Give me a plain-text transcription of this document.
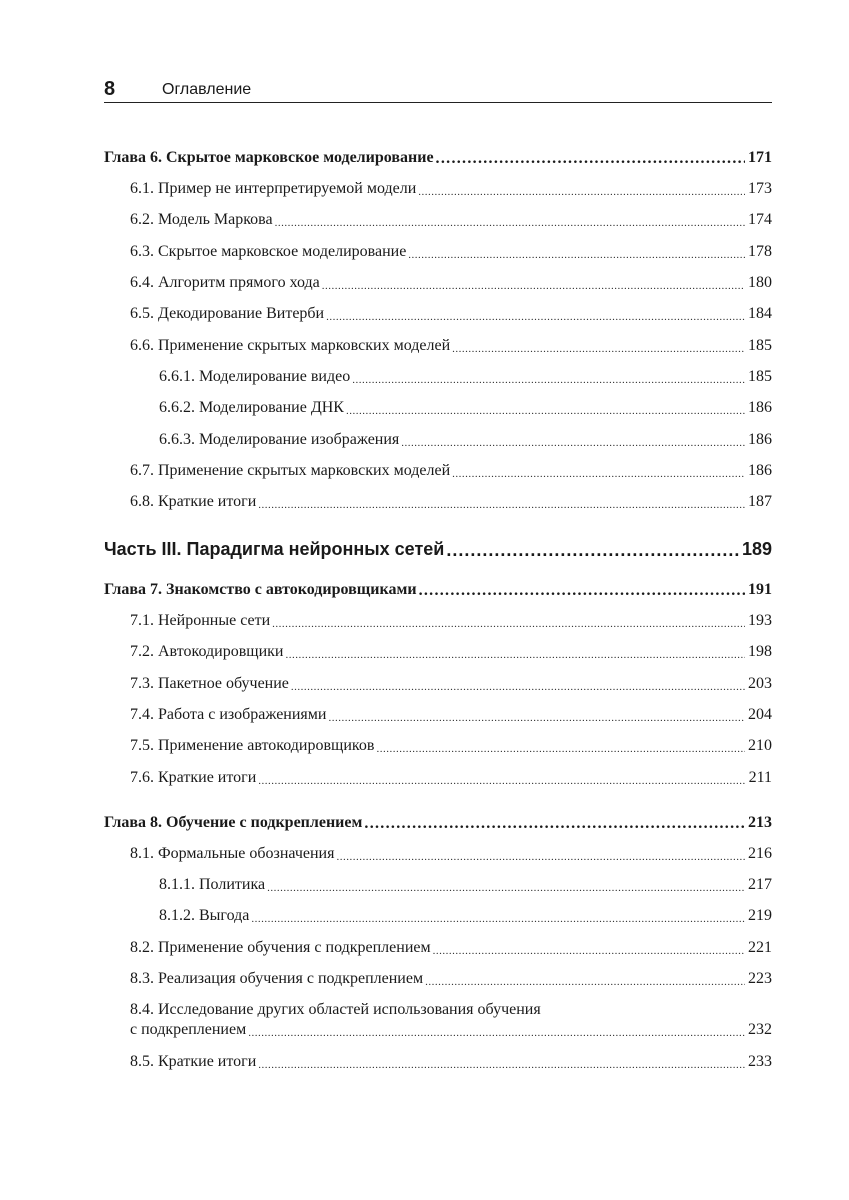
8	Оглавление
Глава 6. Скрытое марковское моделирование .....	171
6.1. Пример не интерпретируемой модели .....	173
6.2. Модель Маркова .....	174
6.3. Скрытое марковское моделирование .....	178
6.4. Алгоритм прямого хода .....	180
6.5. Декодирование Витерби .....	184
6.6. Применение скрытых марковских моделей .....	185
6.6.1. Моделирование видео .....	185
6.6.2. Моделирование ДНК .....	186
6.6.3. Моделирование изображения .....	186
6.7. Применение скрытых марковских моделей .....	186
6.8. Краткие итоги .....	187
Часть III. Парадигма нейронных сетей .....	189
Глава 7. Знакомство с автокодировщиками .....	191
7.1. Нейронные сети .....	193
7.2. Автокодировщики .....	198
7.3. Пакетное обучение .....	203
7.4. Работа с изображениями .....	204
7.5. Применение автокодировщиков .....	210
7.6. Краткие итоги .....	211
Глава 8. Обучение с подкреплением .....	213
8.1. Формальные обозначения .....	216
8.1.1. Политика .....	217
8.1.2. Выгода .....	219
8.2. Применение обучения с подкреплением .....	221
8.3. Реализация обучения с подкреплением .....	223
8.4. Исследование других областей использования обучения
с подкреплением .....	232
8.5. Краткие итоги .....	233
